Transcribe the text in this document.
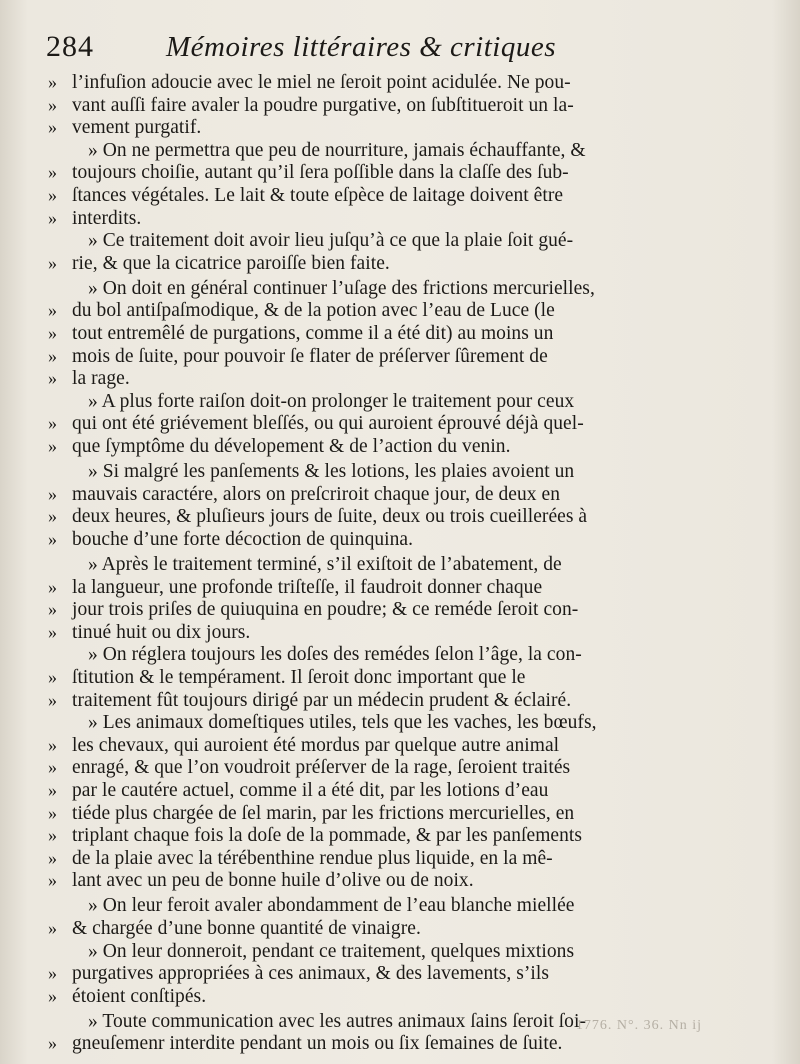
284	Mémoires littéraires & critiques
» l’infuſion adoucie avec le miel ne ſeroit point acidulée. Ne pou-
» vant auſſi faire avaler la poudre purgative, on ſubſtitueroit un la-
» vement purgatif.
» On ne permettra que peu de nourriture, jamais échauffante, &
» toujours choiſie, autant qu’il ſera poſſible dans la claſſe des ſub-
» ſtances végétales. Le lait & toute eſpèce de laitage doivent être
» interdits.
» Ce traitement doit avoir lieu juſqu’à ce que la plaie ſoit gué-
» rie, & que la cicatrice paroiſſe bien faite.
» On doit en général continuer l’uſage des frictions mercurielles,
» du bol antiſpaſmodique, & de la potion avec l’eau de Luce (le
» tout entremêlé de purgations, comme il a été dit) au moins un
» mois de ſuite, pour pouvoir ſe flater de préſerver ſûrement de
» la rage.
» A plus forte raiſon doit-on prolonger le traitement pour ceux
» qui ont été griévement bleſſés, ou qui auroient éprouvé déjà quel-
» que ſymptôme du dévelopement & de l’action du venin.
» Si malgré les panſements & les lotions, les plaies avoient un
» mauvais caractére, alors on preſcriroit chaque jour, de deux en
» deux heures, & pluſieurs jours de ſuite, deux ou trois cueillerées à
» bouche d’une forte décoction de quinquina.
» Après le traitement terminé, s’il exiſtoit de l’abatement, de
» la langueur, une profonde triſteſſe, il faudroit donner chaque
» jour trois priſes de quiuquina en poudre; & ce reméde ſeroit con-
» tinué huit ou dix jours.
» On réglera toujours les doſes des remédes ſelon l’âge, la con-
» ſtitution & le tempérament. Il ſeroit donc important que le
» traitement fût toujours dirigé par un médecin prudent & éclairé.
» Les animaux domeſtiques utiles, tels que les vaches, les bœufs,
» les chevaux, qui auroient été mordus par quelque autre animal
» enragé, & que l’on voudroit préſerver de la rage, ſeroient traités
» par le cautére actuel, comme il a été dit, par les lotions d’eau
» tiéde plus chargée de ſel marin, par les frictions mercurielles, en
» triplant chaque fois la doſe de la pommade, & par les panſements
» de la plaie avec la térébenthine rendue plus liquide, en la mê-
» lant avec un peu de bonne huile d’olive ou de noix.
» On leur feroit avaler abondamment de l’eau blanche miellée
» & chargée d’une bonne quantité de vinaigre.
» On leur donneroit, pendant ce traitement, quelques mixtions
» purgatives appropriées à ces animaux, & des lavements, s’ils
» étoient conſtipés.
» Toute communication avec les autres animaux ſains ſeroit ſoi-
» gneuſemenr interdite pendant un mois ou ſix ſemaines de ſuite.
1776. N°. 36. Nn ij
